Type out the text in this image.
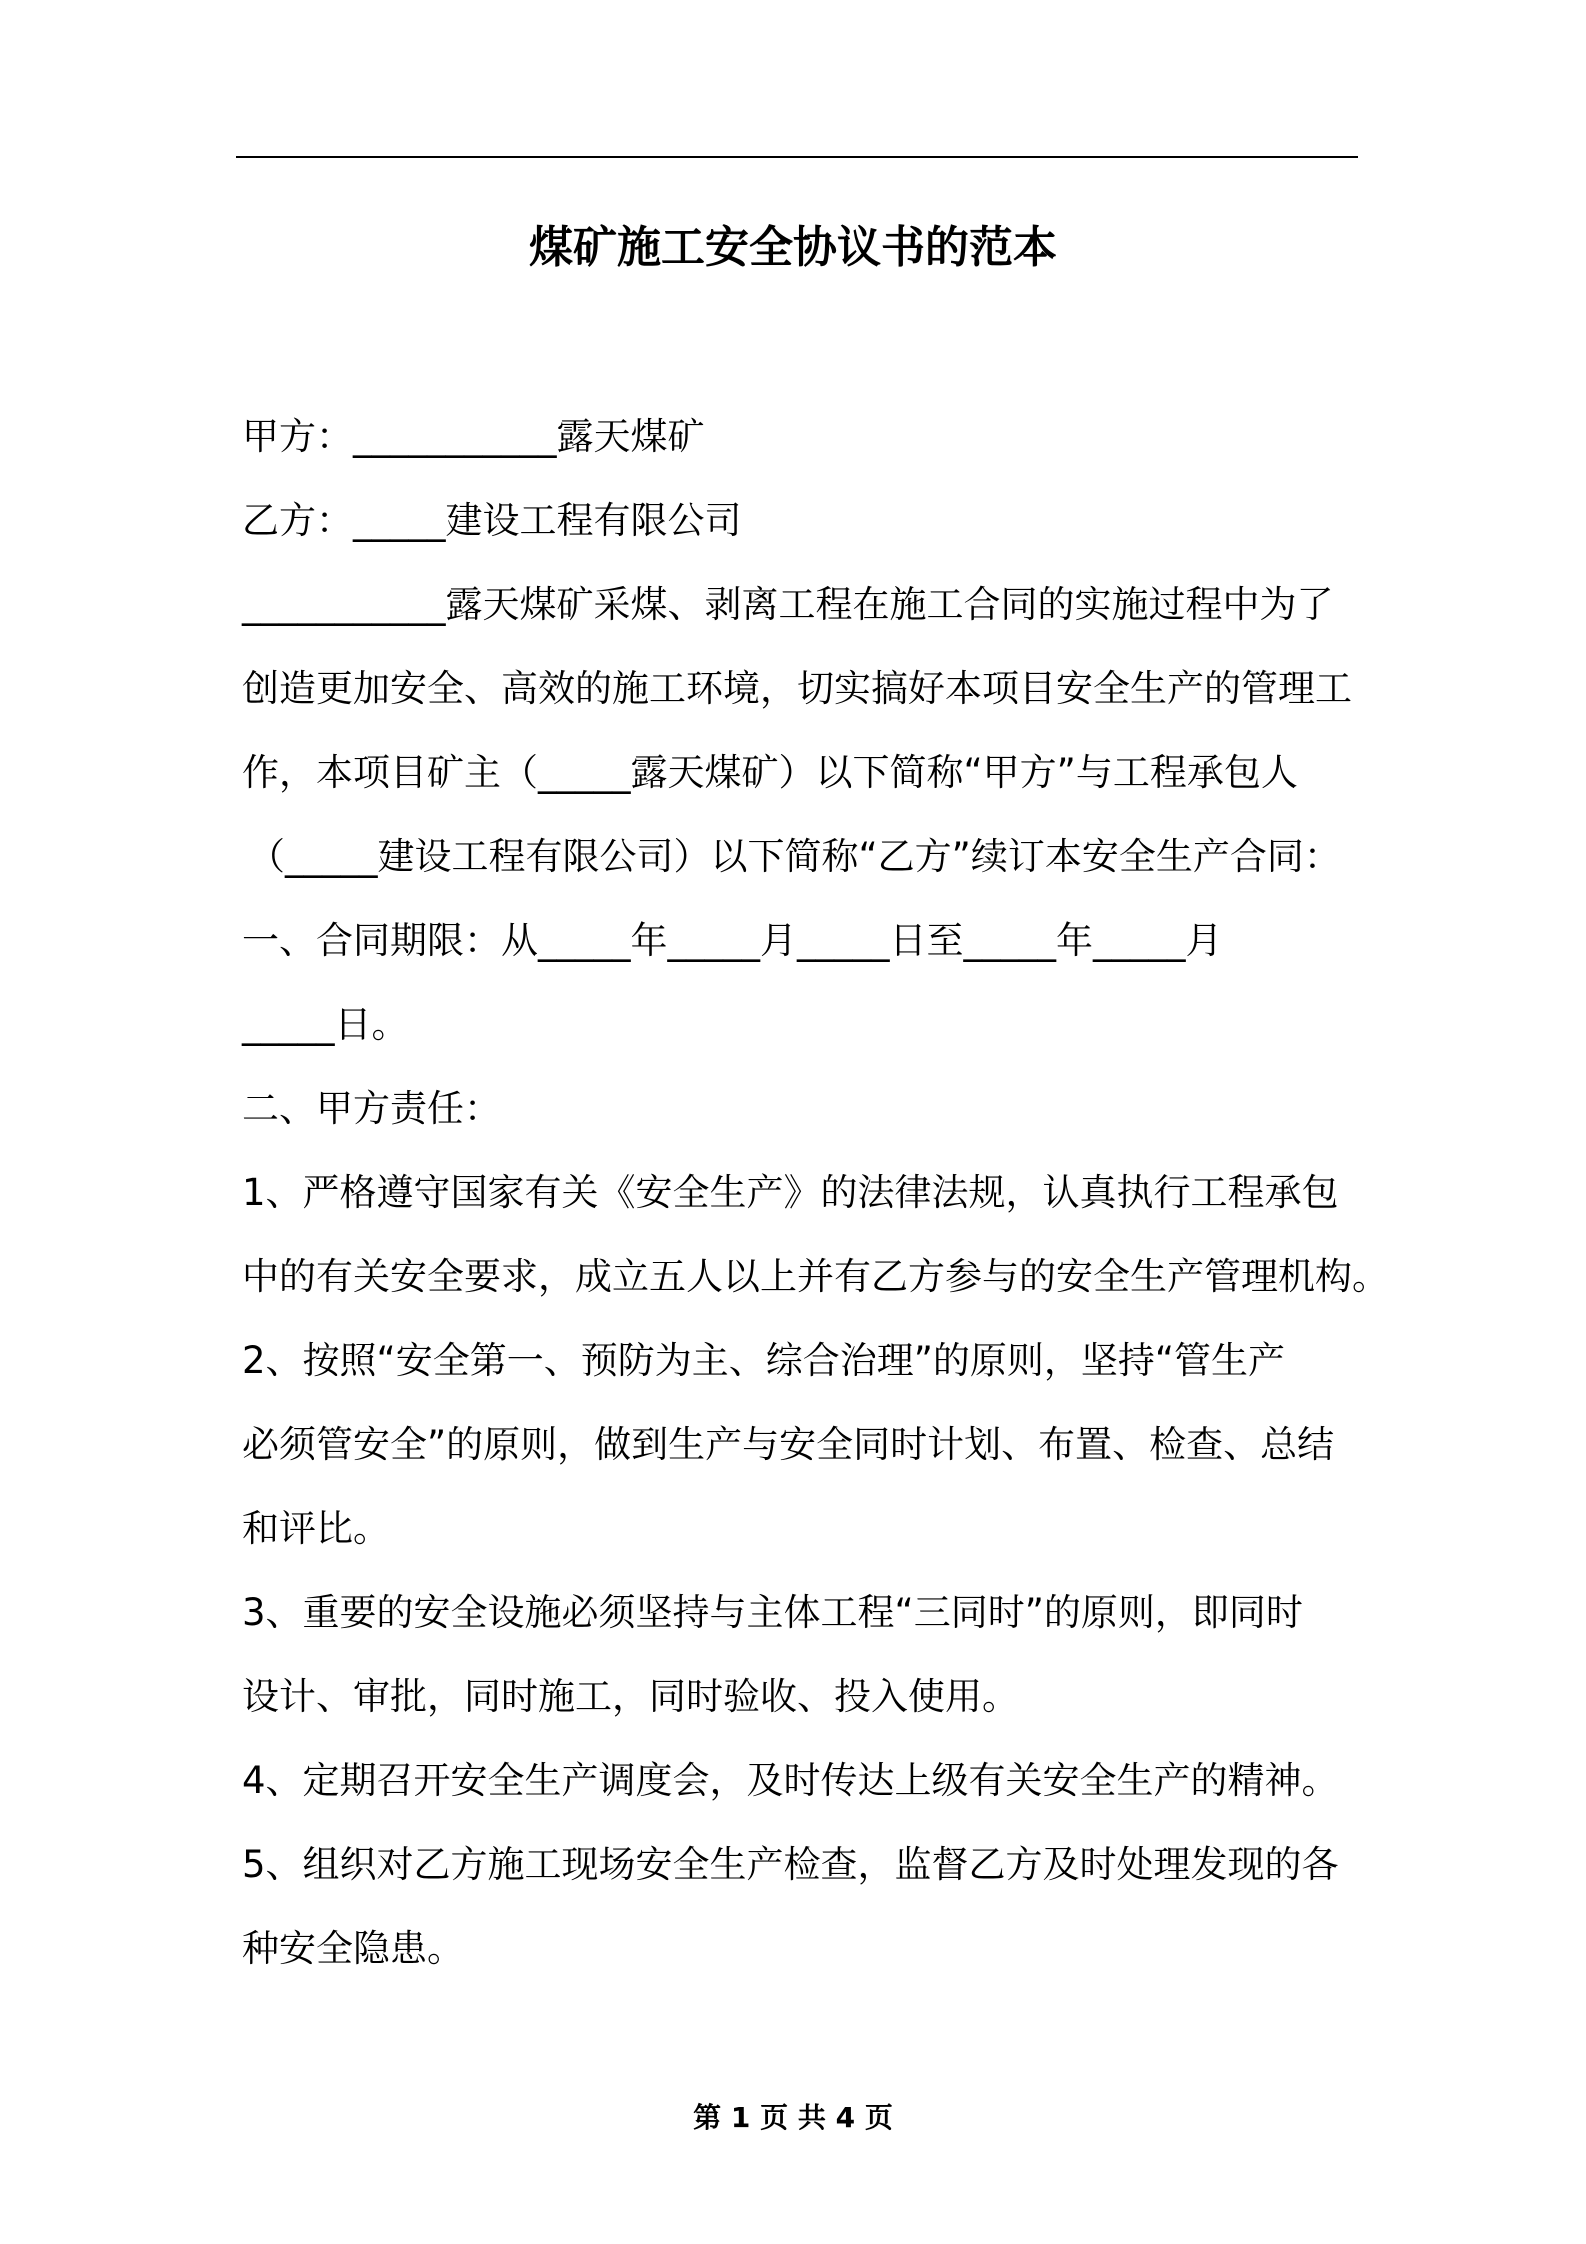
煤矿施工安全协议书的范本
甲方：___________露天煤矿
乙方：_____建设工程有限公司
___________露天煤矿采煤、剥离工程在施工合同的实施过程中为了
创造更加安全、高效的施工环境，切实搞好本项目安全生产的管理工
作，本项目矿主（_____露天煤矿）以下简称“甲方”与工程承包人
（_____建设工程有限公司）以下简称“乙方”续订本安全生产合同：
一、合同期限：从_____年_____月_____日至_____年_____月
_____日。
二、甲方责任：
1、严格遵守国家有关《安全生产》的法律法规，认真执行工程承包
中的有关安全要求，成立五人以上并有乙方参与的安全生产管理机构。
2、按照“安全第一、预防为主、综合治理”的原则，坚持“管生产
必须管安全”的原则，做到生产与安全同时计划、布置、检查、总结
和评比。
3、重要的安全设施必须坚持与主体工程“三同时”的原则，即同时
设计、审批，同时施工，同时验收、投入使用。
4、定期召开安全生产调度会，及时传达上级有关安全生产的精神。
5、组织对乙方施工现场安全生产检查，监督乙方及时处理发现的各
种安全隐患。
第 1 页 共 4 页
